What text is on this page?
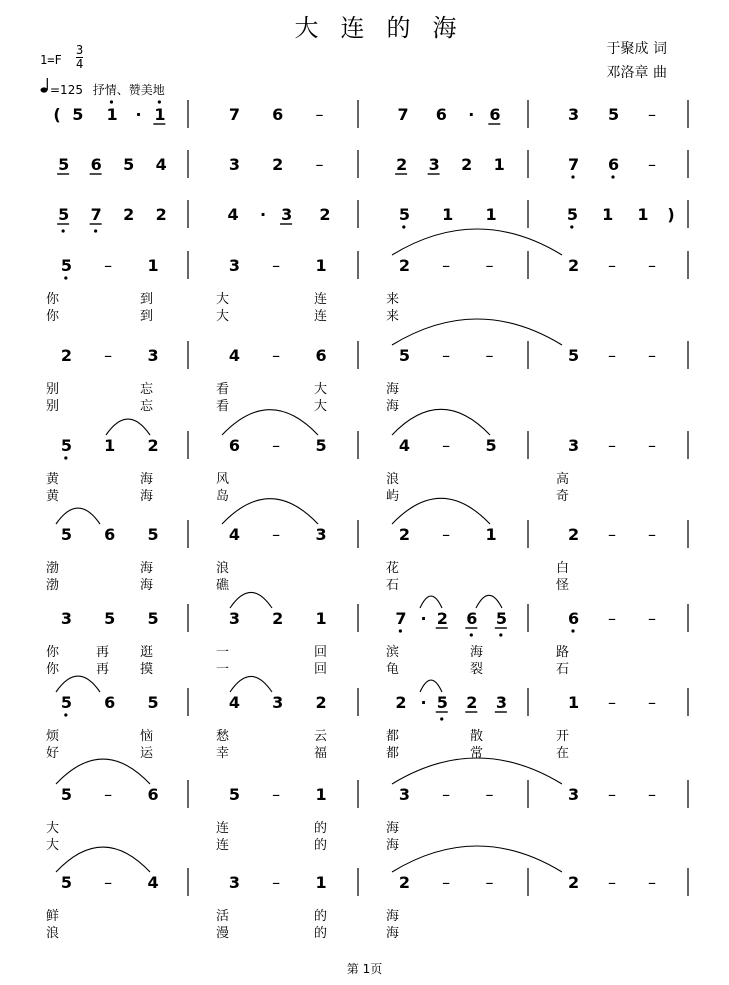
大连的海
于聚成 词
邓洛章 曲
1=F
3
4
=125 抒情、赞美地
( 5 1 · 1	7 6 –	7 6 · 6	3 5 –
5 6 5 4	3 2 –	2 3 2 1	7 6 –
5 7 2 2	4 · 3 2	5 1 1	5 1 1 )
5 – 1	3 – 1	2 – –	2 – –
你	到	大	连	来
你	到	大	连	来
2 – 3	4 – 6	5 – –	5 – –
别	忘	看	大	海
别	忘	看	大	海
5 1 2	6 – 5	4 – 5	3 – –
黄	海	风	浪	高
黄	海	岛	屿	奇
5 6 5	4 – 3	2 – 1	2 – –
渤	海	浪	花	白
渤	海	礁	石	怪
3 5 5	3 2 1	7 · 2 6 5	6 – –
你	再 逛	一	回	滨	海	路
你	再 摸	一	回	龟	裂	石
5 6 5	4 3 2	2 · 5 2 3	1 – –
烦	恼	愁	云	都	散	开
好	运	幸	福	都	常	在
5 – 6	5 – 1	3 – –	3 – –
大	连	的	海
大	连	的	海
5 – 4	3 – 1	2 – –	2 – –
鲜	活	的	海
浪	漫	的	海
第 1页
